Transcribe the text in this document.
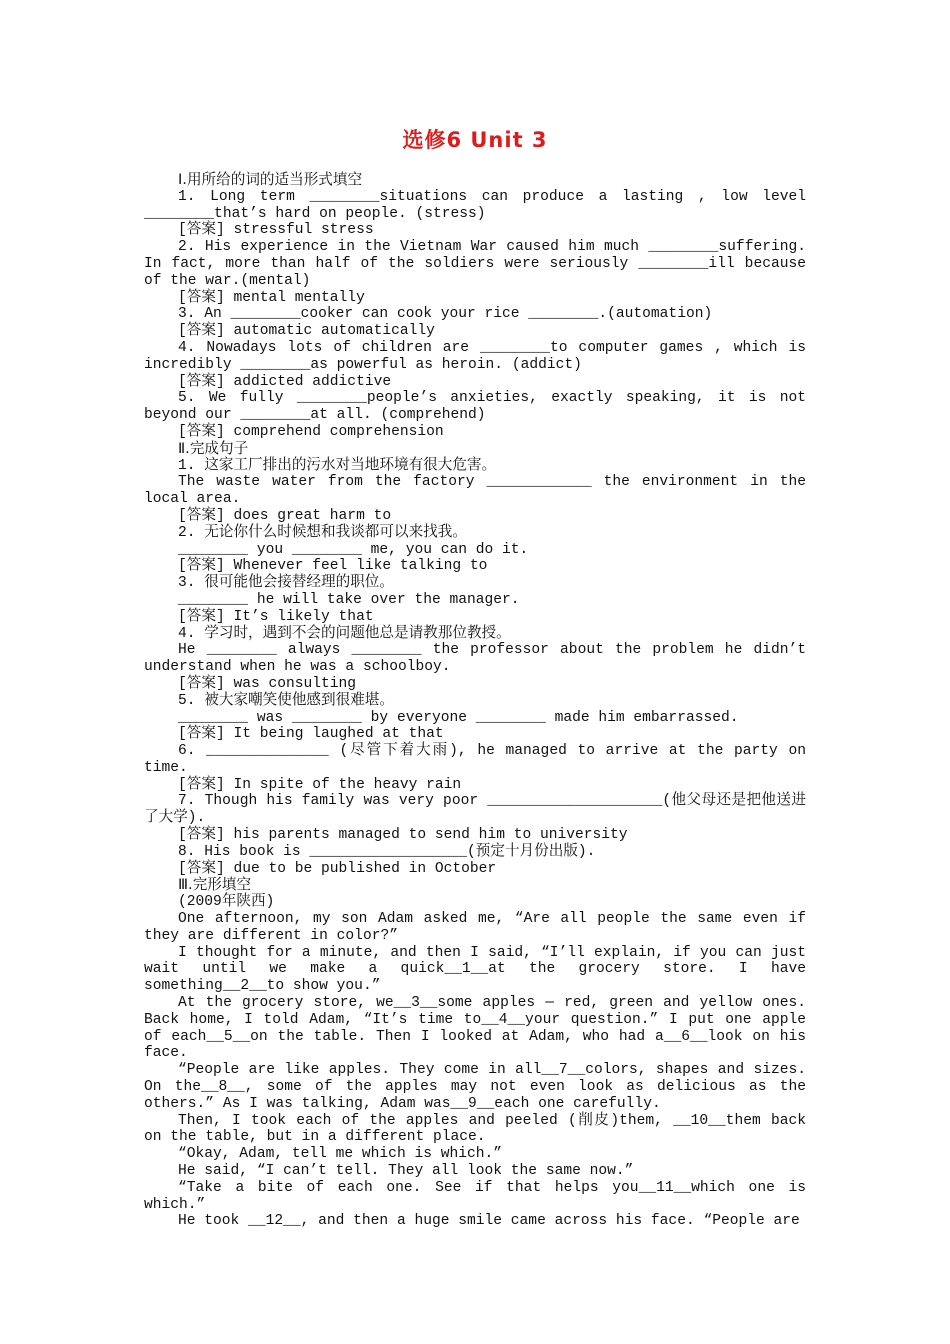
选修6 Unit 3

Ⅰ.用所给的词的适当形式填空

1. Long term ________situations can produce a lasting , low level ________that’s hard on people. (stress)

[答案] stressful stress

2. His experience in the Vietnam War caused him much ________suffering. In fact, more than half of the soldiers were seriously ________ill because of the war.(mental)

[答案] mental mentally

3. An ________cooker can cook your rice ________.(automation)

[答案] automatic automatically

4. Nowadays lots of children are ________to computer games , which is incredibly ________as powerful as heroin. (addict)

[答案] addicted addictive

5. We fully ________people’s anxieties, exactly speaking, it is not beyond our ________at all. (comprehend)

[答案] comprehend comprehension

Ⅱ.完成句子

1. 这家工厂排出的污水对当地环境有很大危害。

The waste water from the factory ____________ the environment in the local area.

[答案] does great harm to

2. 无论你什么时候想和我谈都可以来找我。

________ you ________ me, you can do it.

[答案] Whenever feel like talking to

3. 很可能他会接替经理的职位。

________ he will take over the manager.

[答案] It’s likely that

4. 学习时，遇到不会的问题他总是请教那位教授。

He ________ always ________ the professor about the problem he didn’t understand when he was a schoolboy.

[答案] was consulting

5. 被大家嘲笑使他感到很难堪。

________ was ________ by everyone ________ made him embarrassed.

[答案] It being laughed at that

6. ______________ (尽管下着大雨), he managed to arrive at the party on time.

[答案] In spite of the heavy rain

7. Though his family was very poor ____________________(他父母还是把他送进了大学).

[答案] his parents managed to send him to university

8. His book is __________________(预定十月份出版).

[答案] due to be published in October

Ⅲ.完形填空

(2009年陕西)

One afternoon, my son Adam asked me, “Are all people the same even if they are different in color?”

I thought for a minute, and then I said, “I’ll explain, if you can just wait until we make a quick__1__at the grocery store. I have something__2__to show you.”

At the grocery store, we__3__some apples — red, green and yellow ones. Back home, I told Adam, “It’s time to__4__your question.” I put one apple of each__5__on the table. Then I looked at Adam, who had a__6__look on his face.

“People are like apples. They come in all__7__colors, shapes and sizes. On the__8__, some of the apples may not even look as delicious as the others.” As I was talking, Adam was__9__each one carefully.

Then, I took each of the apples and peeled (削皮)them, __10__them back on the table, but in a different place.

“Okay, Adam, tell me which is which.”

He said, “I can’t tell. They all look the same now.”

“Take a bite of each one. See if that helps you__11__which one is which.”

He took __12__, and then a huge smile came across his face. “People are
